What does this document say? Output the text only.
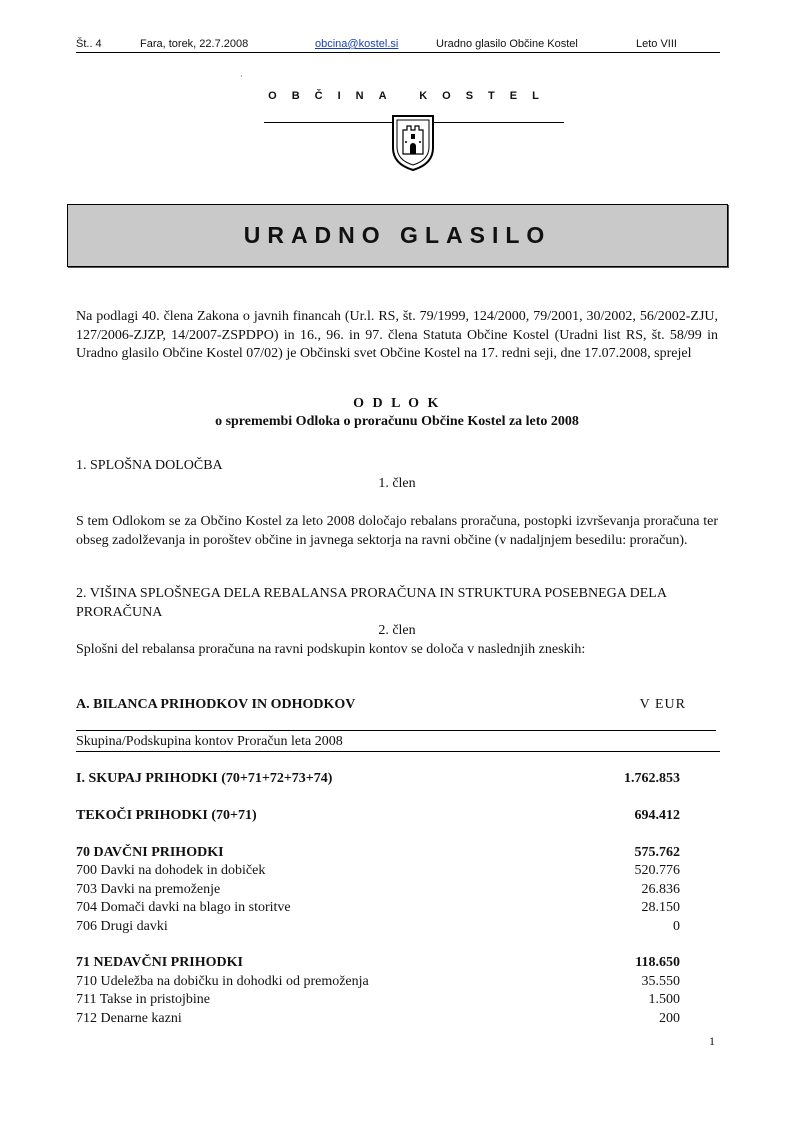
Št.. 4	Fara, torek, 22.7.2008	obcina@kostel.si	Uradno glasilo Občine Kostel	Leto VIII
·
OBČINA KOSTEL
URADNO GLASILO
Na podlagi 40. člena Zakona o javnih financah (Ur.l. RS, št. 79/1999, 124/2000, 79/2001, 30/2002, 56/2002-ZJU, 127/2006-ZJZP, 14/2007-ZSPDPO) in 16., 96. in 97. člena Statuta Občine Kostel (Uradni list RS, št. 58/99 in Uradno glasilo Občine Kostel 07/02) je Občinski svet Občine Kostel na 17. redni seji, dne 17.07.2008, sprejel
O D L O K
o spremembi Odloka o proračunu Občine Kostel za leto 2008
1. SPLOŠNA DOLOČBA
1. člen
S tem Odlokom se za Občino Kostel za leto 2008 določajo rebalans proračuna, postopki izvrševanja proračuna ter obseg zadolževanja in poroštev občine in javnega sektorja na ravni občine (v nadaljnjem besedilu: proračun).
2. VIŠINA SPLOŠNEGA DELA REBALANSA PRORAČUNA IN STRUKTURA POSEBNEGA DELA PRORAČUNA
2. člen
Splošni del rebalansa proračuna na ravni podskupin kontov se določa v naslednjih zneskih:
A. BILANCA PRIHODKOV IN ODHODKOV	V EUR
Skupina/Podskupina kontov Proračun leta 2008
I. SKUPAJ PRIHODKI (70+71+72+73+74)	1.762.853
TEKOČI PRIHODKI (70+71)	694.412
70 DAVČNI PRIHODKI	575.762
700 Davki na dohodek in dobiček	520.776
703 Davki na premoženje	26.836
704 Domači davki na blago in storitve	28.150
706 Drugi davki	0
71 NEDAVČNI PRIHODKI	118.650
710 Udeležba na dobičku in dohodki od premoženja	35.550
711 Takse in pristojbine	1.500
712 Denarne kazni	200
1
